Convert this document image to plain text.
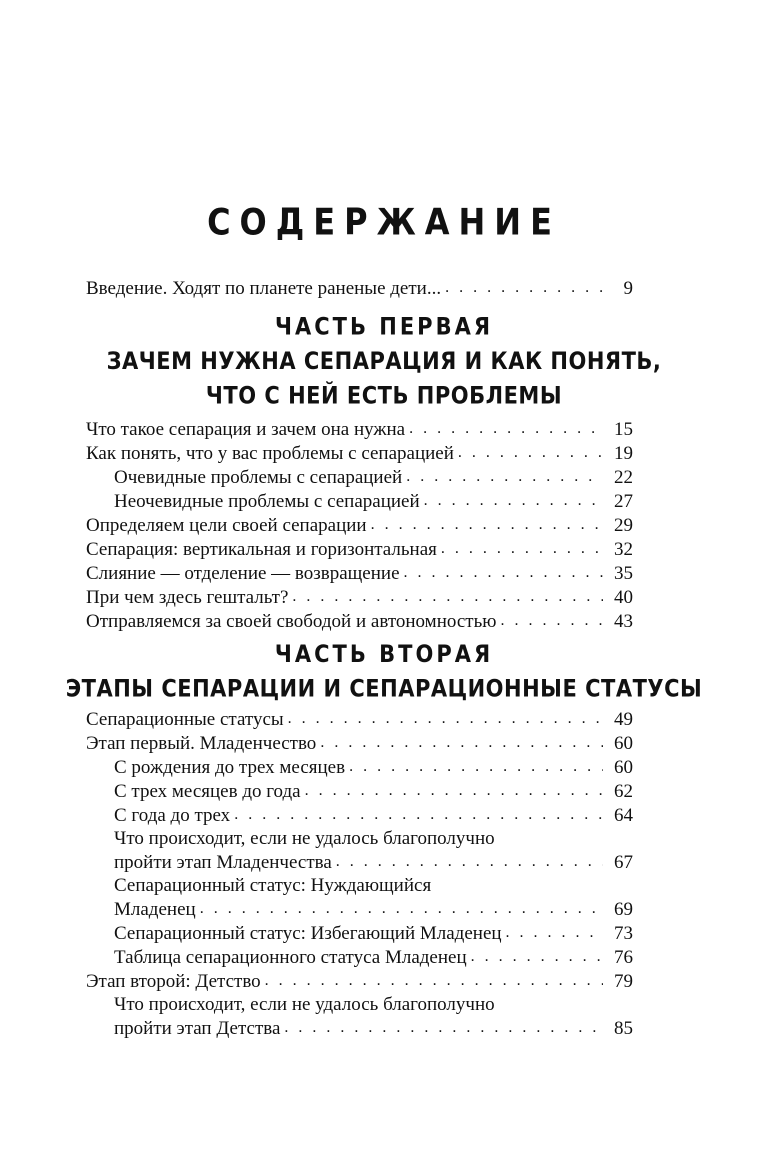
СОДЕРЖАНИЕ
Введение. Ходят по планете раненые дети... . . .	9
ЧАСТЬ ПЕРВАЯ
ЗАЧЕМ НУЖНА СЕПАРАЦИЯ И КАК ПОНЯТЬ,
ЧТО С НЕЙ ЕСТЬ ПРОБЛЕМЫ
Что такое сепарация и зачем она нужна . . .	15
Как понять, что у вас проблемы с сепарацией . . .	19
Очевидные проблемы с сепарацией . . .	22
Неочевидные проблемы с сепарацией . . .	27
Определяем цели своей сепарации . . .	29
Сепарация: вертикальная и горизонтальная . . .	32
Слияние — отделение — возвращение . . .	35
При чем здесь гештальт? . . .	40
Отправляемся за своей свободой и автономностью . . .	43
ЧАСТЬ ВТОРАЯ
ЭТАПЫ СЕПАРАЦИИ И СЕПАРАЦИОННЫЕ СТАТУСЫ
Сепарационные статусы . . .	49
Этап первый. Младенчество . . .	60
С рождения до трех месяцев . . .	60
С трех месяцев до года . . .	62
С года до трех . . .	64
Что происходит, если не удалось благополучно
пройти этап Младенчества . . .	67
Сепарационный статус: Нуждающийся
Младенец . . .	69
Сепарационный статус: Избегающий Младенец . . .	73
Таблица сепарационного статуса Младенец . . .	76
Этап второй: Детство . . .	79
Что происходит, если не удалось благополучно
пройти этап Детства . . .	85
